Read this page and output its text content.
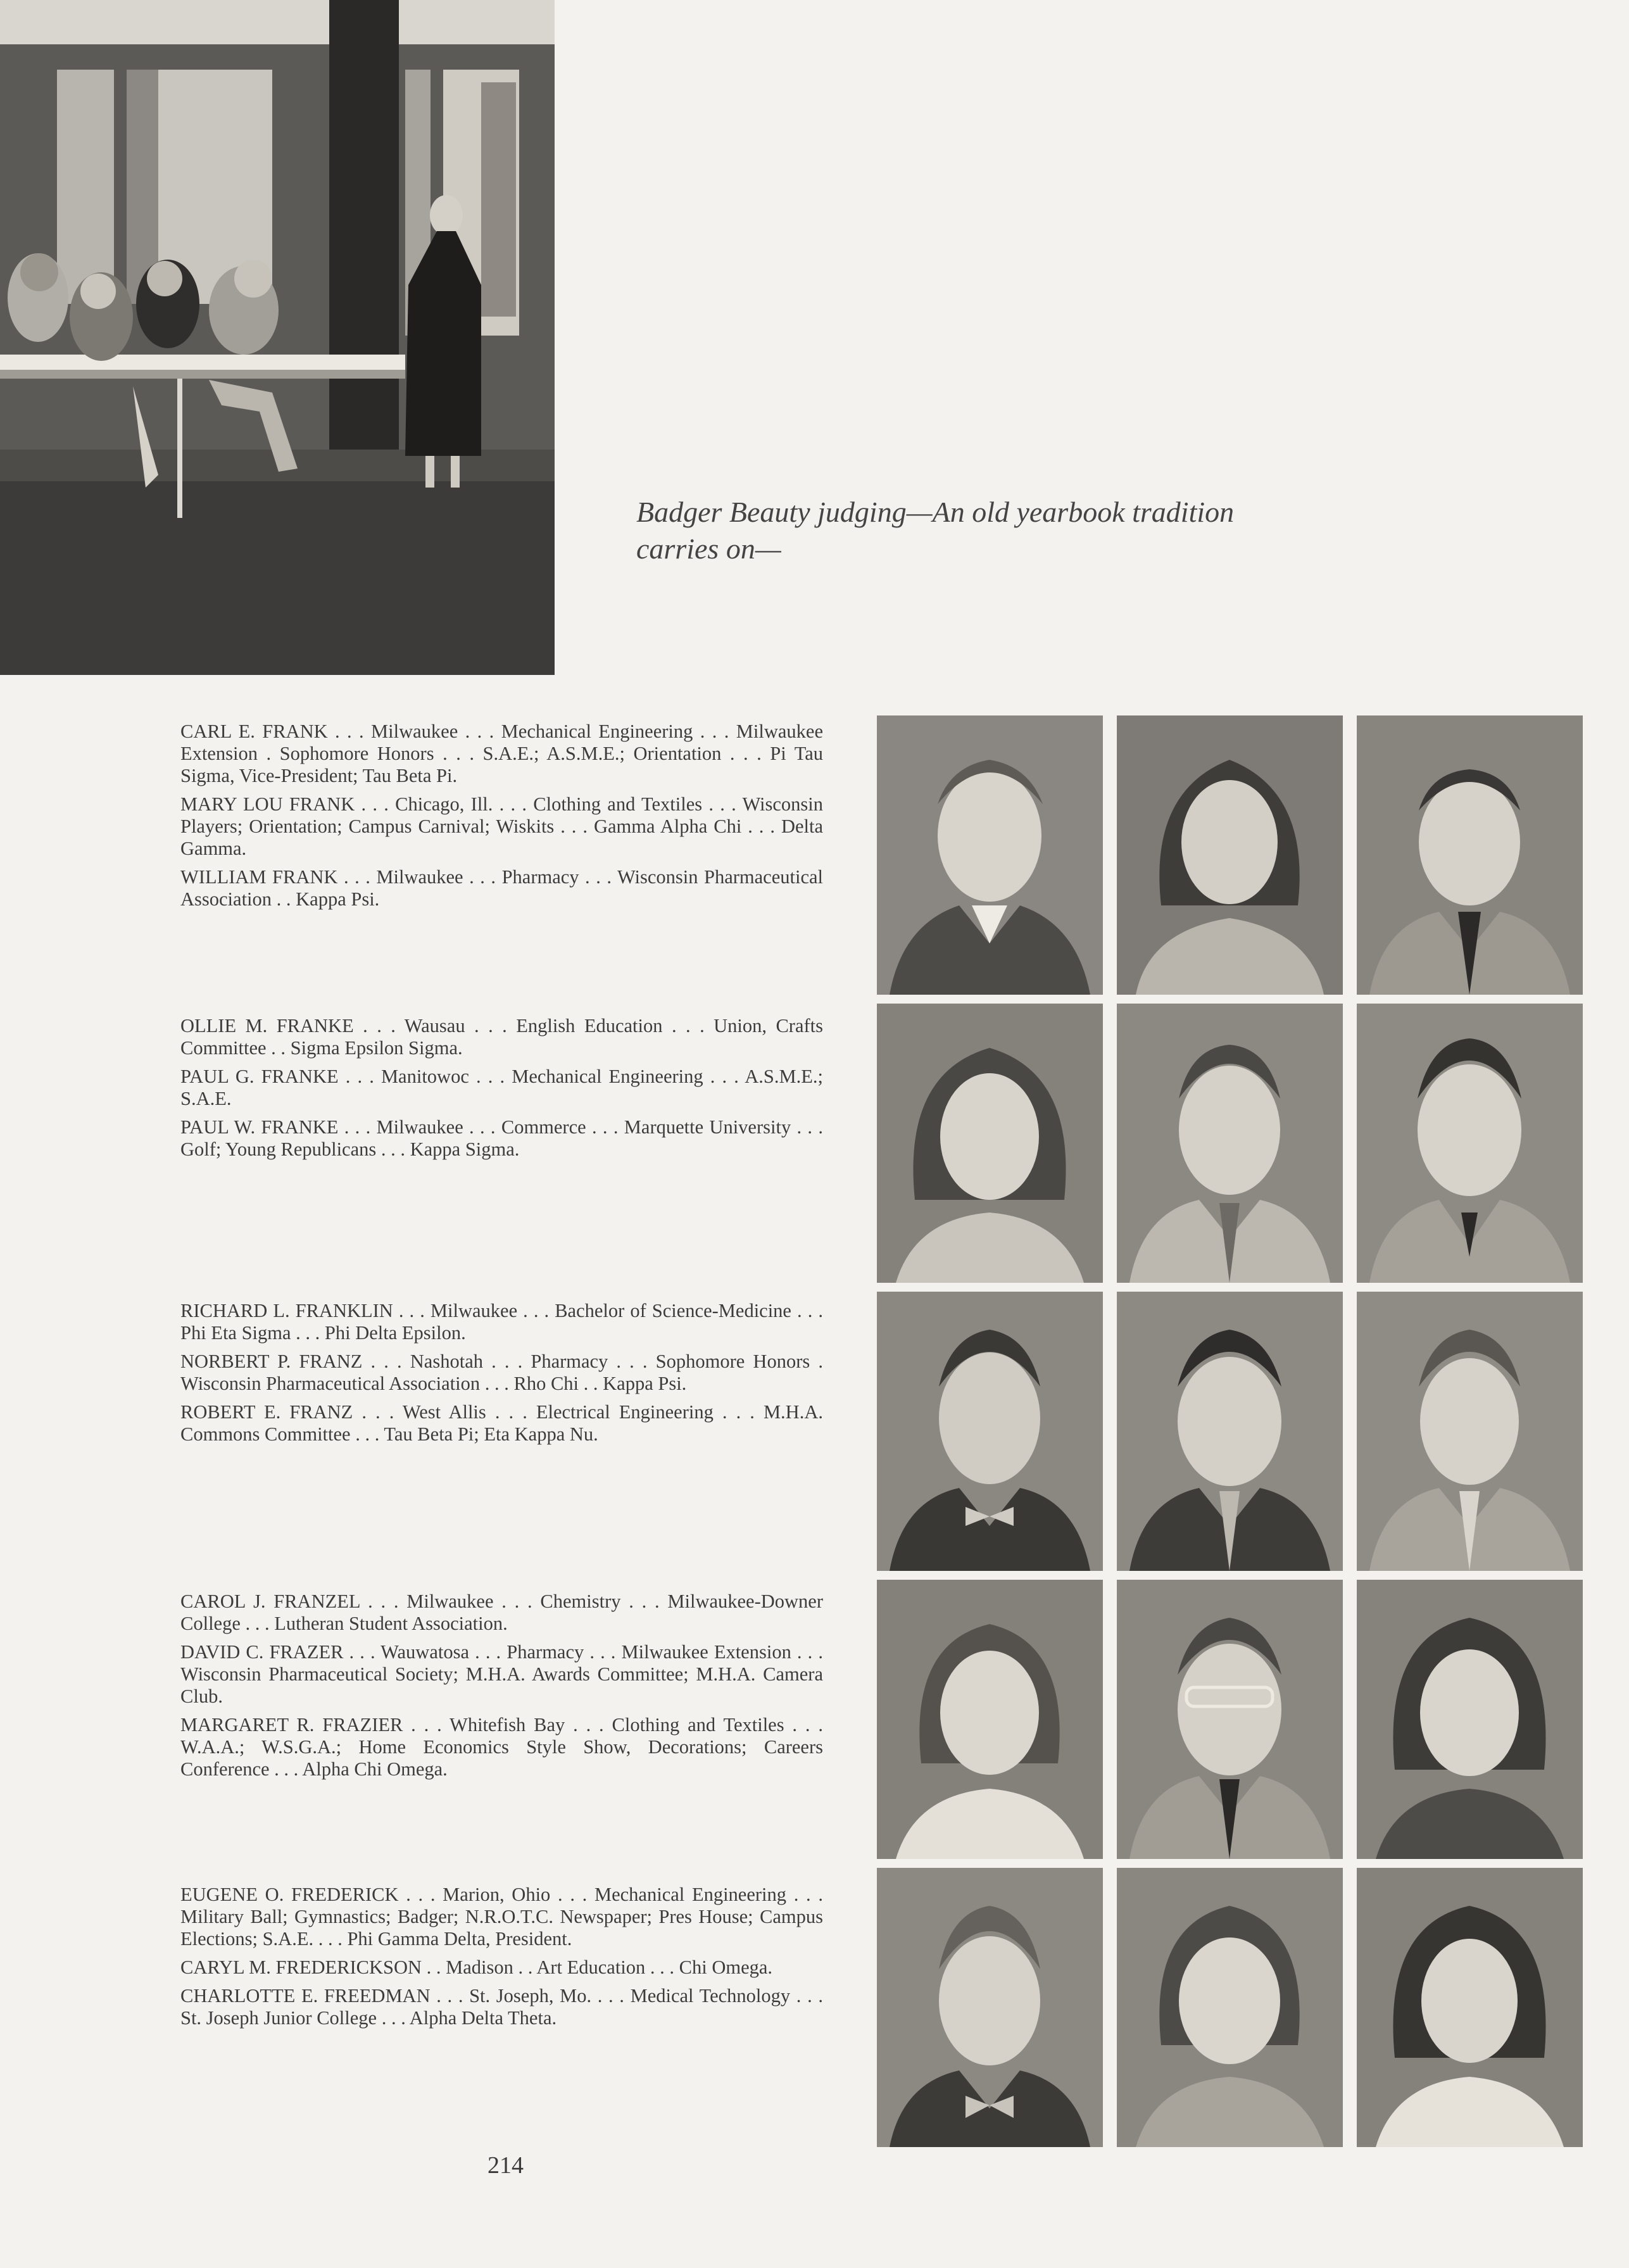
Badger Beauty judging—An old yearbook tradition
carries on—

CARL E. FRANK . . . Milwaukee . . . Mechanical Engineering . . . Milwaukee Extension . Sophomore Honors . . . S.A.E.; A.S.M.E.; Orientation . . . Pi Tau Sigma, Vice-President; Tau Beta Pi.

MARY LOU FRANK . . . Chicago, Ill. . . . Clothing and Textiles . . . Wisconsin Players; Orientation; Campus Carnival; Wiskits . . . Gamma Alpha Chi . . . Delta Gamma.

WILLIAM FRANK . . . Milwaukee . . . Pharmacy . . . Wisconsin Pharmaceutical Association . . Kappa Psi.

OLLIE M. FRANKE . . . Wausau . . . English Education . . . Union, Crafts Committee . . Sigma Epsilon Sigma.

PAUL G. FRANKE . . . Manitowoc . . . Mechanical Engineering . . . A.S.M.E.; S.A.E.

PAUL W. FRANKE . . . Milwaukee . . . Commerce . . . Marquette University . . . Golf; Young Republicans . . . Kappa Sigma.

RICHARD L. FRANKLIN . . . Milwaukee . . . Bachelor of Science-Medicine . . . Phi Eta Sigma . . . Phi Delta Epsilon.

NORBERT P. FRANZ . . . Nashotah . . . Pharmacy . . . Sophomore Honors . Wisconsin Pharmaceutical Association . . . Rho Chi . . Kappa Psi.

ROBERT E. FRANZ . . . West Allis . . . Electrical Engineering . . . M.H.A. Commons Committee . . . Tau Beta Pi; Eta Kappa Nu.

CAROL J. FRANZEL . . . Milwaukee . . . Chemistry . . . Milwaukee-Downer College . . . Lutheran Student Association.

DAVID C. FRAZER . . . Wauwatosa . . . Pharmacy . . . Milwaukee Extension . . . Wisconsin Pharmaceutical Society; M.H.A. Awards Committee; M.H.A. Camera Club.

MARGARET R. FRAZIER . . . Whitefish Bay . . . Clothing and Textiles . . . W.A.A.; W.S.G.A.; Home Economics Style Show, Decorations; Careers Conference . . . Alpha Chi Omega.

EUGENE O. FREDERICK . . . Marion, Ohio . . . Mechanical Engineering . . . Military Ball; Gymnastics; Badger; N.R.O.T.C. Newspaper; Pres House; Campus Elections; S.A.E. . . . Phi Gamma Delta, President.

CARYL M. FREDERICKSON . . Madison . . Art Education . . . Chi Omega.

CHARLOTTE E. FREEDMAN . . . St. Joseph, Mo. . . . Medical Technology . . . St. Joseph Junior College . . . Alpha Delta Theta.

214
